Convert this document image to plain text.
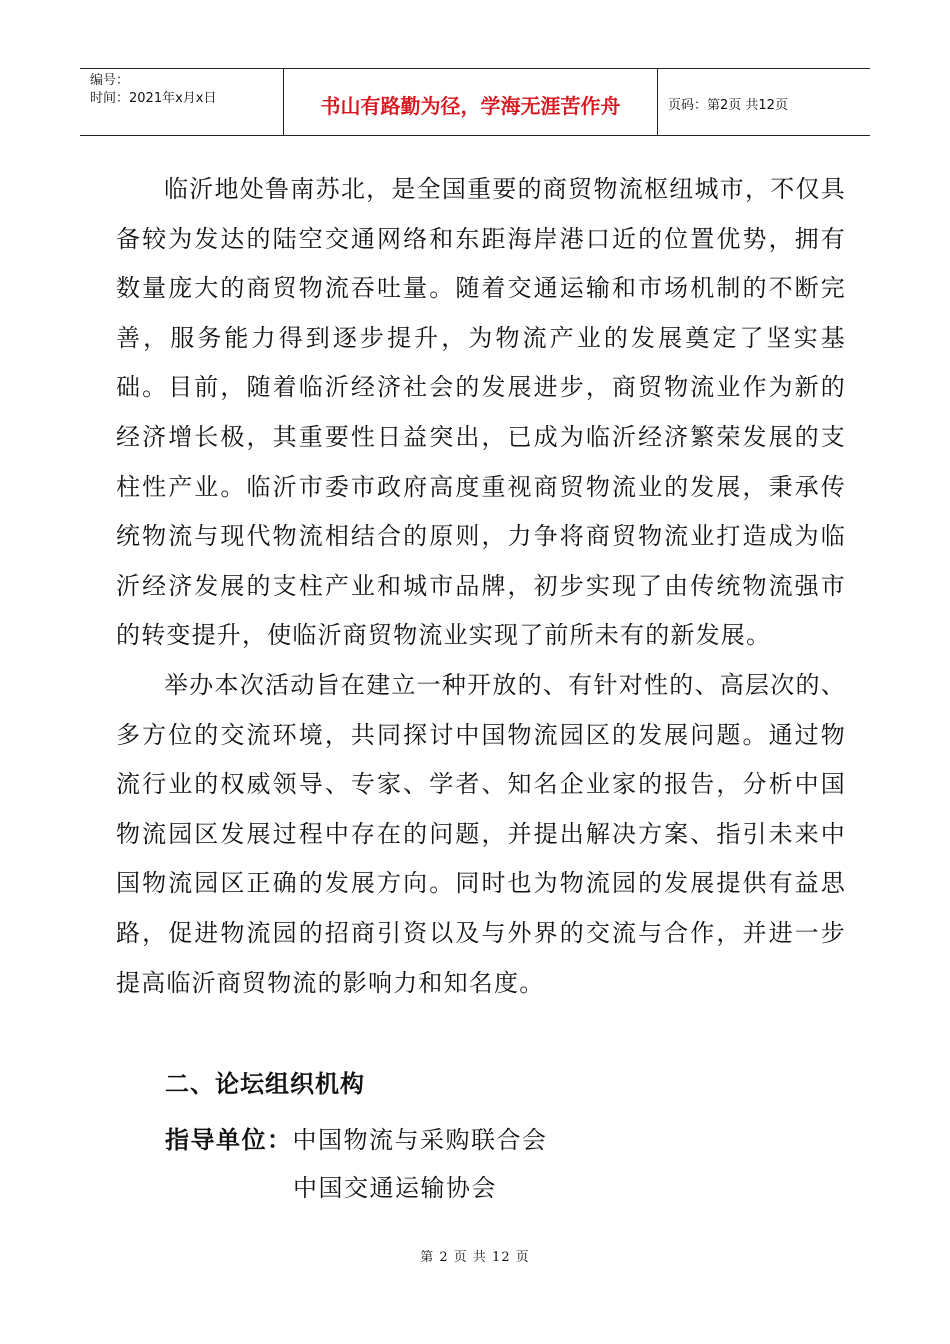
编号：
时间：2021年x月x日	书山有路勤为径，学海无涯苦作舟	页码：第2页 共12页

临沂地处鲁南苏北，是全国重要的商贸物流枢纽城市，不仅具备较为发达的陆空交通网络和东距海岸港口近的位置优势，拥有数量庞大的商贸物流吞吐量。随着交通运输和市场机制的不断完善，服务能力得到逐步提升，为物流产业的发展奠定了坚实基础。目前，随着临沂经济社会的发展进步，商贸物流业作为新的经济增长极，其重要性日益突出，已成为临沂经济繁荣发展的支柱性产业。临沂市委市政府高度重视商贸物流业的发展，秉承传统物流与现代物流相结合的原则，力争将商贸物流业打造成为临沂经济发展的支柱产业和城市品牌，初步实现了由传统物流强市的转变提升，使临沂商贸物流业实现了前所未有的新发展。

举办本次活动旨在建立一种开放的、有针对性的、高层次的、多方位的交流环境，共同探讨中国物流园区的发展问题。通过物流行业的权威领导、专家、学者、知名企业家的报告，分析中国物流园区发展过程中存在的问题，并提出解决方案、指引未来中国物流园区正确的发展方向。同时也为物流园的发展提供有益思路，促进物流园的招商引资以及与外界的交流与合作，并进一步提高临沂商贸物流的影响力和知名度。

二、论坛组织机构
指导单位：中国物流与采购联合会
中国交通运输协会
第 2 页 共 12 页
